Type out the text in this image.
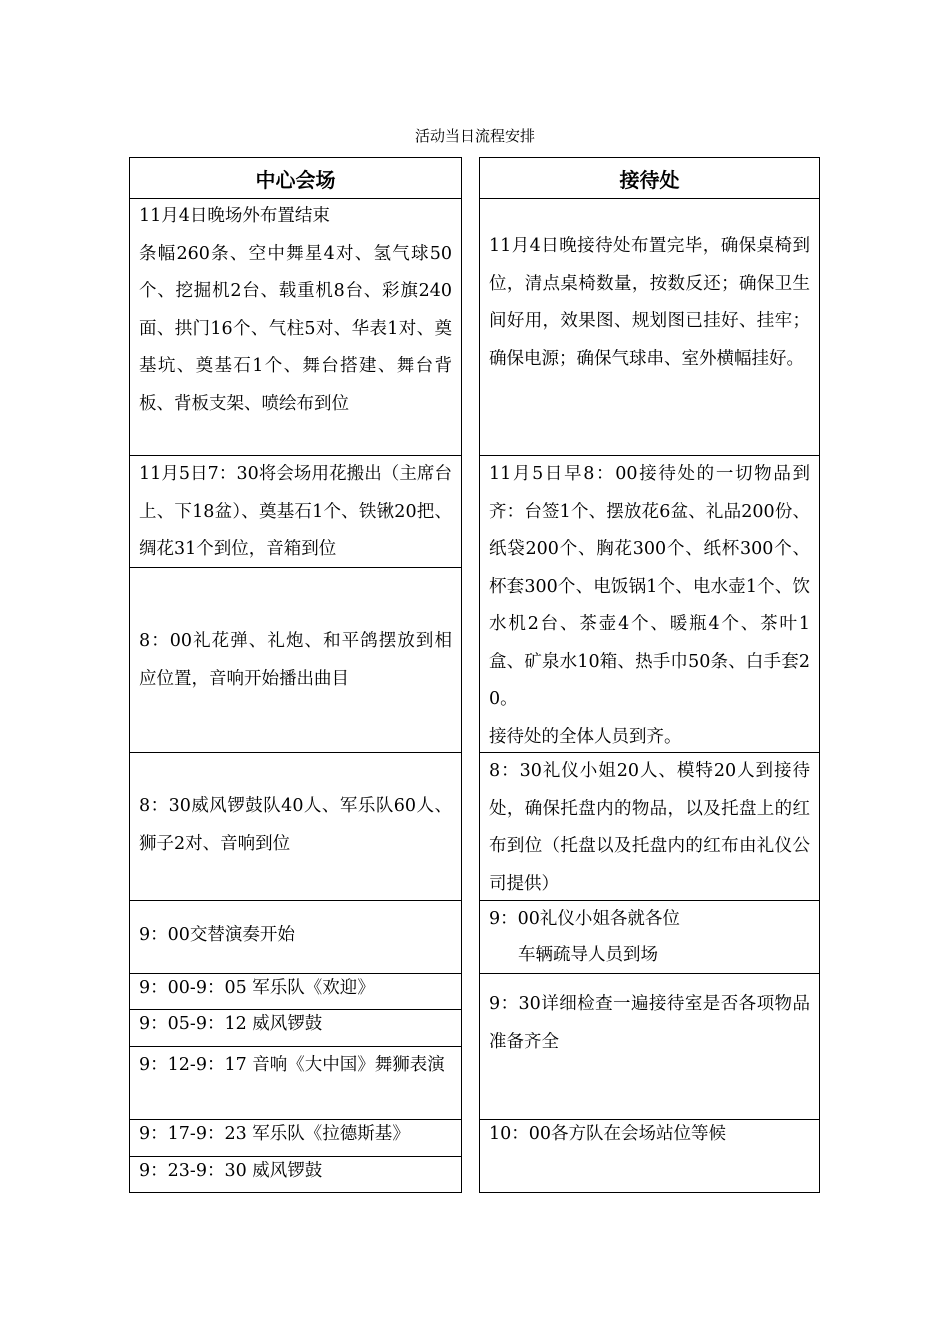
活动当日流程安排
中心会场

11月4日晚场外布置结束

条幅260条、空中舞星4对、氢气球50个、挖掘机2台、载重机8台、彩旗240面、拱门16个、气柱5对、华表1对、奠基坑、奠基石1个、舞台搭建、舞台背板、背板支架、喷绘布到位

11月5日7：30将会场用花搬出（主席台上、下18盆）、奠基石1个、铁锹20把、绸花31个到位，音箱到位

8：00礼花弹、礼炮、和平鸽摆放到相应位置，音响开始播出曲目

8：30威风锣鼓队40人、军乐队60人、狮子2对、音响到位

9：00交替演奏开始

9：00-9：05 军乐队《欢迎》

9：05-9：12 威风锣鼓

9：12-9：17 音响《大中国》舞狮表演

9：17-9：23 军乐队《拉德斯基》

9：23-9：30 威风锣鼓

接待处

11月4日晚接待处布置完毕，确保桌椅到位，清点桌椅数量，按数反还；确保卫生间好用，效果图、规划图已挂好、挂牢；确保电源；确保气球串、室外横幅挂好。

11月5日早8：00接待处的一切物品到齐：台签1个、摆放花6盆、礼品200份、纸袋200个、胸花300个、纸杯300个、杯套300个、电饭锅1个、电水壶1个、饮水机2台、茶壶4个、暖瓶4个、茶叶1盒、矿泉水10箱、热手巾50条、白手套20。

接待处的全体人员到齐。

8：30礼仪小姐20人、模特20人到接待处，确保托盘内的物品，以及托盘上的红布到位（托盘以及托盘内的红布由礼仪公司提供）

9：00礼仪小姐各就各位

车辆疏导人员到场

9：30详细检查一遍接待室是否各项物品准备齐全

10：00各方队在会场站位等候
